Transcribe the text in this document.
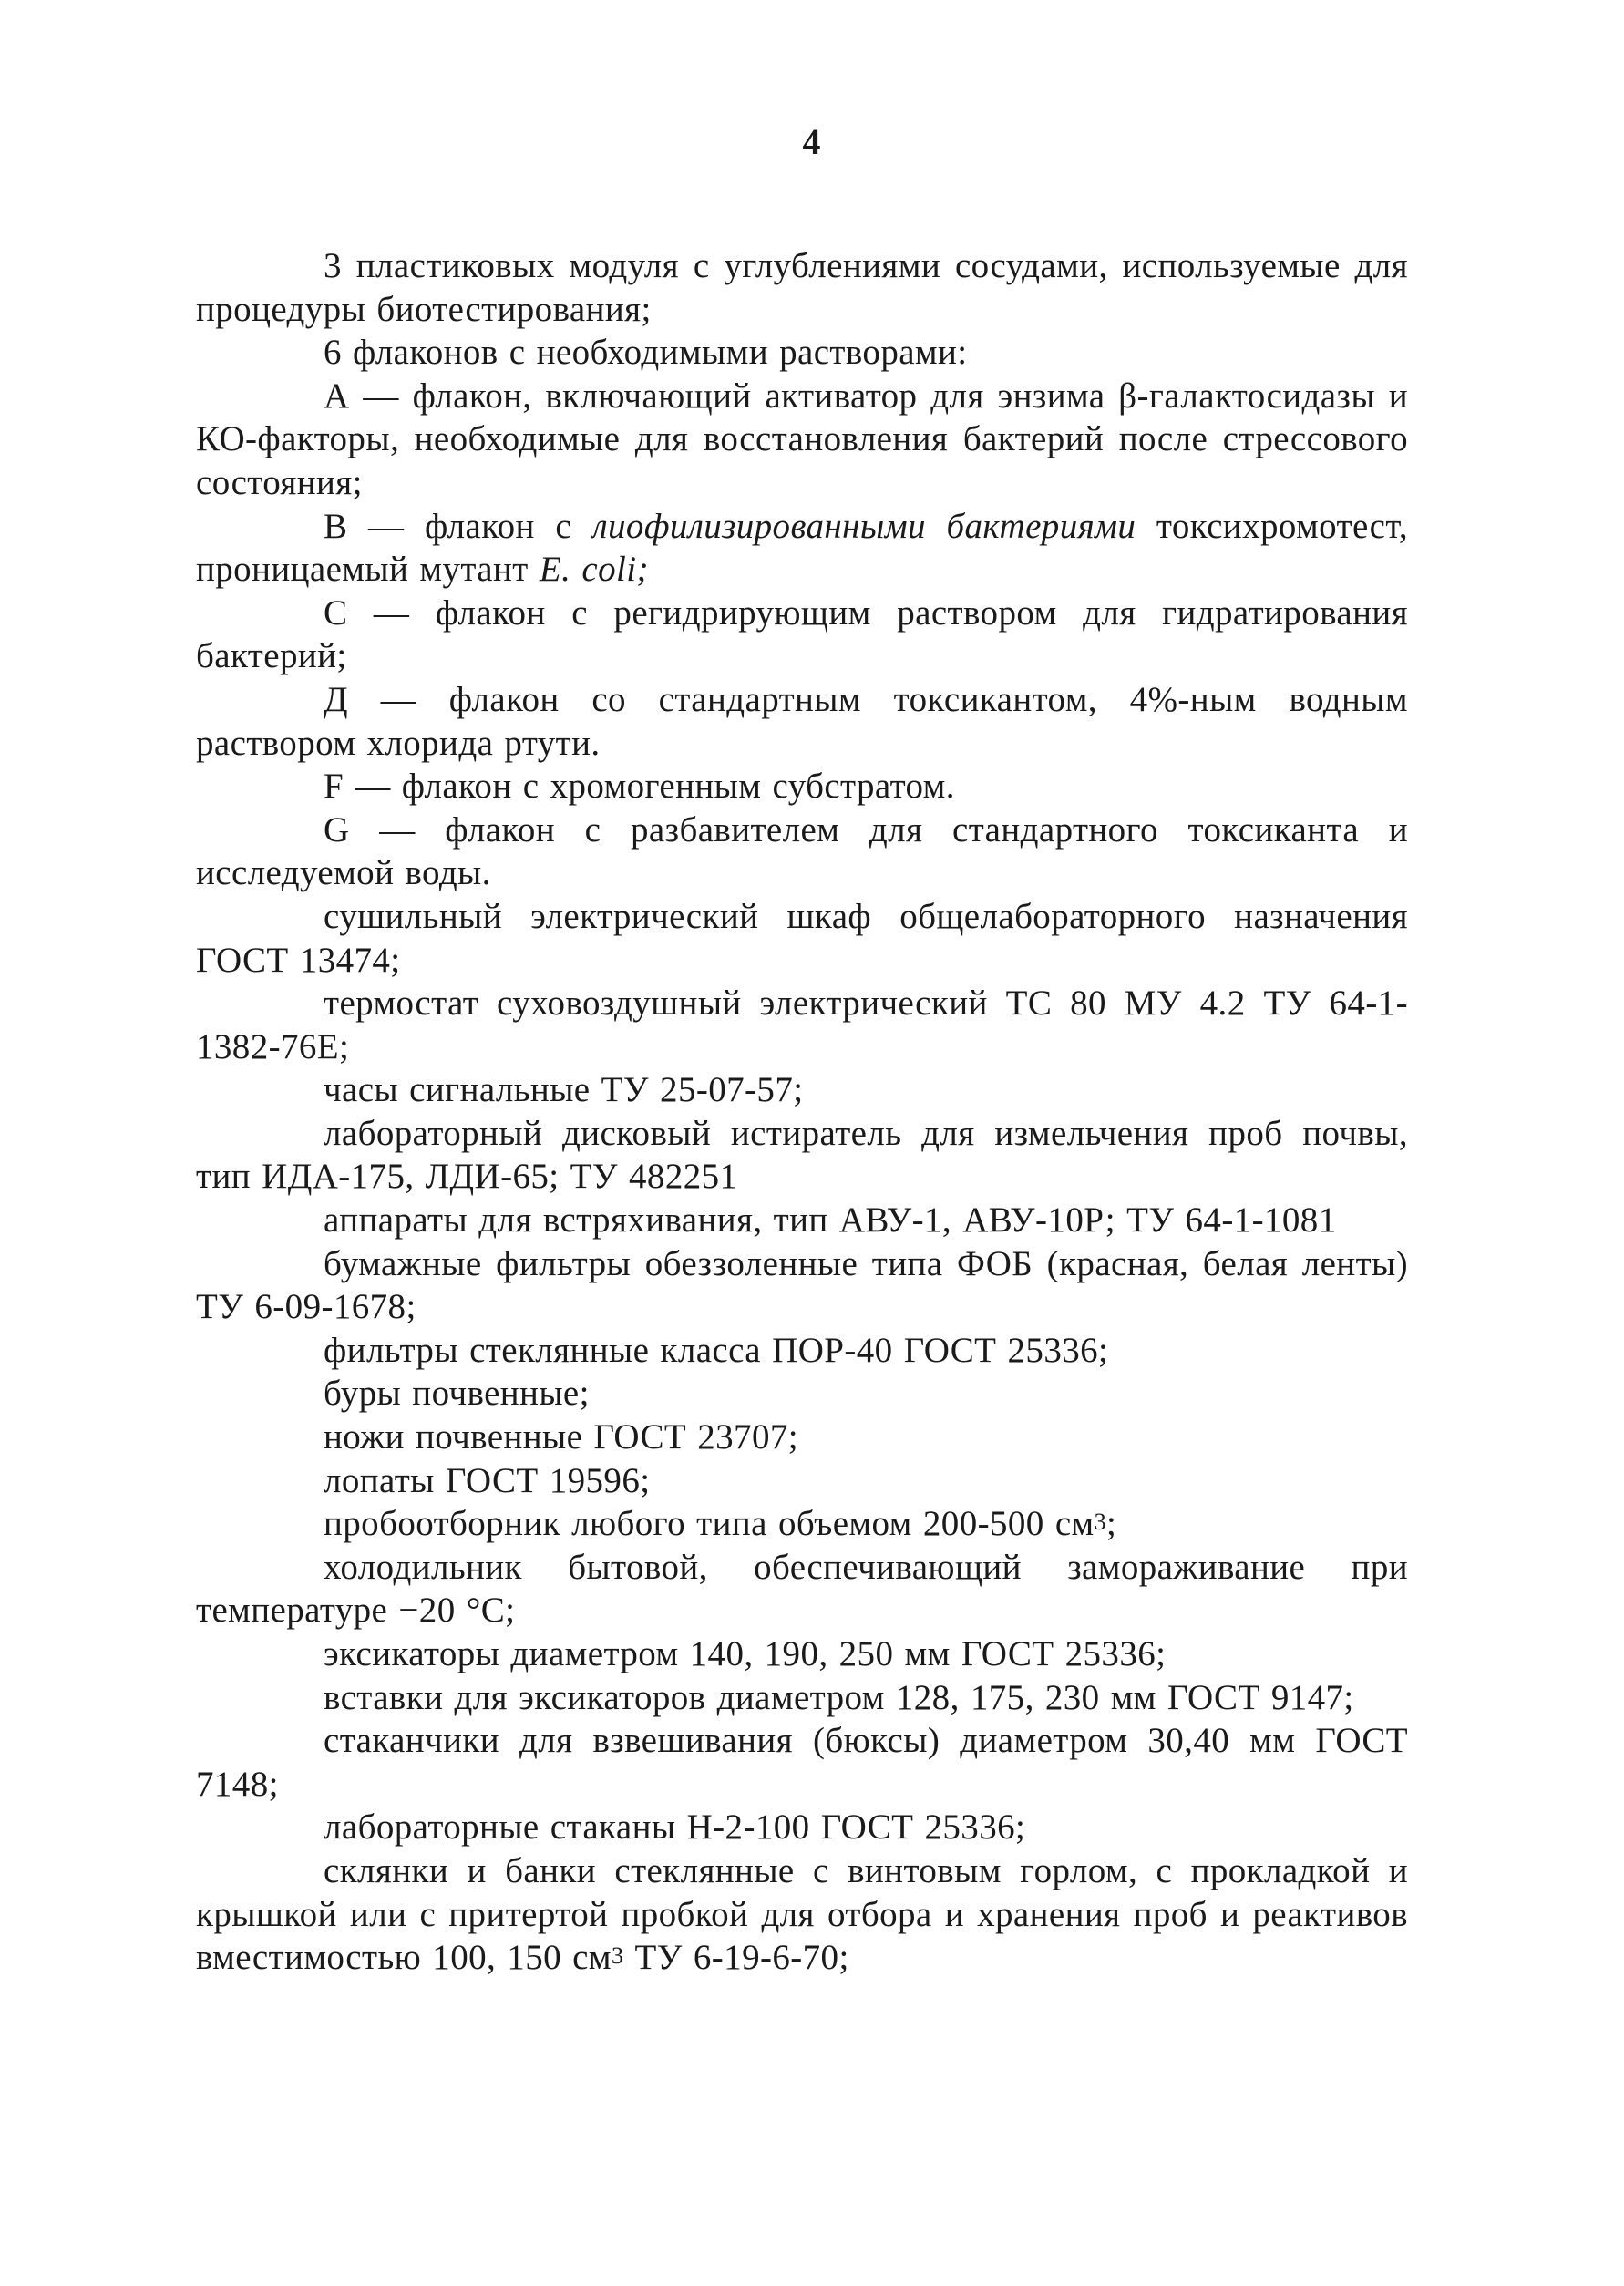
4

3 пластиковых модуля с углублениями сосудами, используемые для процедуры биотестирования;

6 флаконов с необходимыми растворами:

А — флакон, включающий активатор для энзима β-галактосидазы и КО-факторы, необходимые для восстановления бактерий после стрессового состояния;

В — флакон с лиофилизированными бактериями токсихромотест, проницаемый мутант E. coli;

С — флакон с регидрирующим раствором для гидратирования бактерий;

Д — флакон со стандартным токсикантом, 4%-ным водным раствором хлорида ртути.

F — флакон с хромогенным субстратом.

G — флакон с разбавителем для стандартного токсиканта и исследуемой воды.

сушильный электрический шкаф общелабораторного назначения ГОСТ 13474;

термостат суховоздушный электрический ТС 80 МУ 4.2 ТУ 64-1-1382-76Е;

часы сигнальные ТУ 25-07-57;

лабораторный дисковый истиратель для измельчения проб почвы, тип ИДА-175, ЛДИ-65; ТУ 482251

аппараты для встряхивания, тип АВУ-1, АВУ-10Р; ТУ 64-1-1081

бумажные фильтры обеззоленные типа ФОБ (красная, белая ленты) ТУ 6-09-1678;

фильтры стеклянные класса ПОР-40 ГОСТ 25336;

буры почвенные;

ножи почвенные ГОСТ 23707;

лопаты ГОСТ 19596;

пробоотборник любого типа объемом 200-500 $см^3$;

холодильник бытовой, обеспечивающий замораживание при температуре −20 °С;

эксикаторы диаметром 140, 190, 250 мм ГОСТ 25336;

вставки для эксикаторов диаметром 128, 175, 230 мм ГОСТ 9147;

стаканчики для взвешивания (бюксы) диаметром 30,40 мм ГОСТ 7148;

лабораторные стаканы Н-2-100 ГОСТ 25336;

склянки и банки стеклянные с винтовым горлом, с прокладкой и крышкой или с притертой пробкой для отбора и хранения проб и реактивов вместимостью 100, 150 $см^3$ ТУ 6-19-6-70;
